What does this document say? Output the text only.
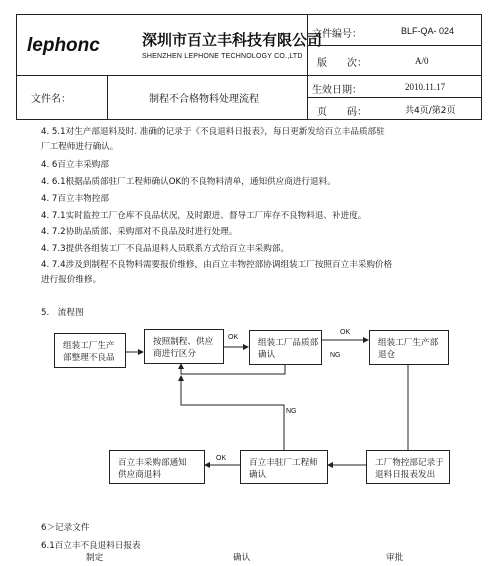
lephonc	深圳市百立丰科技有限公司
SHENZHEN LEPHONE TECHNOLOGY CO.,LTD
文件名：	制程不合格物料处理流程
文件编号：	BLF-QA- 024
版　　次：	A/0
生效日期：	2010.11.17
页　　码：	共4页/第2页
4. 5.1对生产部退料及时. 准确的记录于《不良退料日报表》，每日更新发给百立丰品质部驻
厂工程师进行确认。
4. 6百立丰采购部
4. 6.1根据品质部驻厂工程师确认OK的不良物料清单，通知供应商进行退料。
4. 7百立丰物控部
4. 7.1实时监控工厂仓库不良品状况，及时跟进、督导工厂库存不良物料退、补进度。
4. 7.2协助品质部、采购部对不良品及时进行处理。
4. 7.3提供各组装工厂不良品退料人员联系方式给百立丰采购部。
4. 7.4涉及到制程不良物料需要报价维修，由百立丰物控部协调组装工厂按照百立丰采购价格
进行报价维修。
5.　流程图
组装工厂生产
部整理不良品
按照制程、供应
商进行区分
组装工厂品质部
确认
组装工厂生产部
退仓
工厂物控部记录于
退料日报表发出
百立丰驻厂工程师
确认
百立丰采购部通知
供应商退料
OK
OK
NG
NG
OK
6＞记录文件
6.1百立丰不良退料日报表
制定	确认	审批
